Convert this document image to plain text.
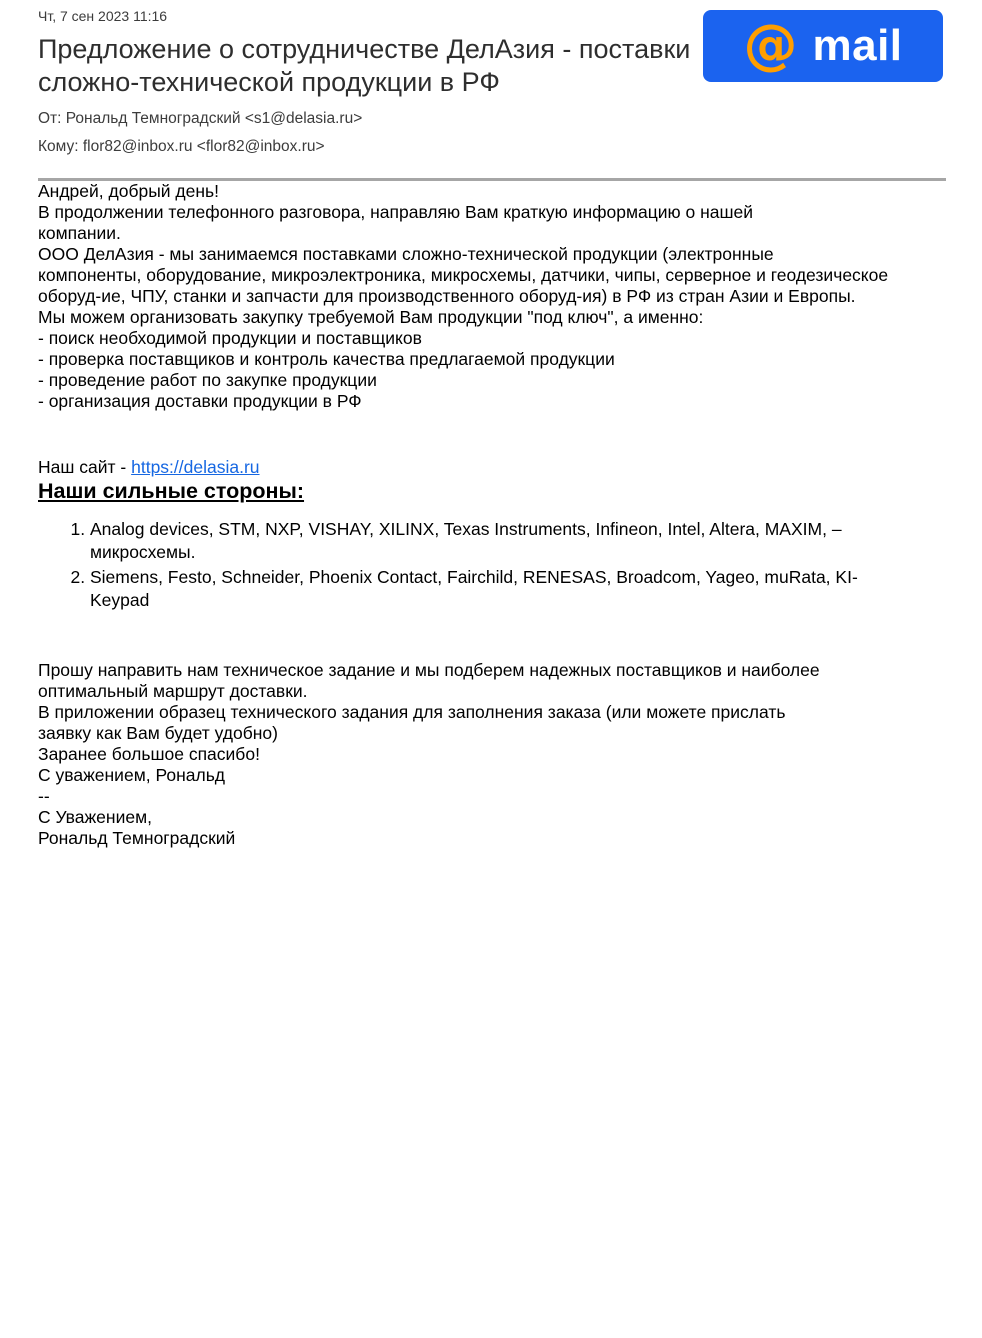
@ mail
Чт, 7 сен 2023 11:16
Предложение о сотрудничестве ДелАзия - поставки
сложно-технической продукции в РФ
От: Рональд Темноградский <s1@delasia.ru>
Кому: flor82@inbox.ru <flor82@inbox.ru>

Андрей, добрый день!

В продолжении телефонного разговора, направляю Вам краткую информацию о нашей
компании.

ООО ДелАзия - мы занимаемся поставками сложно-технической продукции (электронные
компоненты, оборудование, микроэлектроника, микросхемы, датчики, чипы, серверное и геодезическое
оборуд-ие, ЧПУ, станки и запчасти для производственного оборуд-ия) в РФ из стран Азии и Европы.

Мы можем организовать закупку требуемой Вам продукции "под ключ", а именно:

- поиск необходимой продукции и поставщиков

- проверка поставщиков и контроль качества предлагаемой продукции

- проведение работ по закупке продукции

- организация доставки продукции в РФ

Наш сайт - https://delasia.ru

Наши сильные стороны:
1. Analog devices, STM, NXP, VISHAY, XILINX, Texas Instruments, Infineon, Intel, Altera, MAXIM, –
микросхемы.
2. Siemens, Festo, Schneider, Phoenix Contact, Fairchild, RENESAS, Broadcom, Yageo, muRata, KI-
Keypad

Прошу направить нам техническое задание и мы подберем надежных поставщиков и наиболее
оптимальный маршрут доставки.

В приложении образец технического задания для заполнения заказа (или можете прислать
заявку как Вам будет удобно)

Заранее большое спасибо!

С уважением, Рональд

--
С Уважением,
Рональд Темноградский
